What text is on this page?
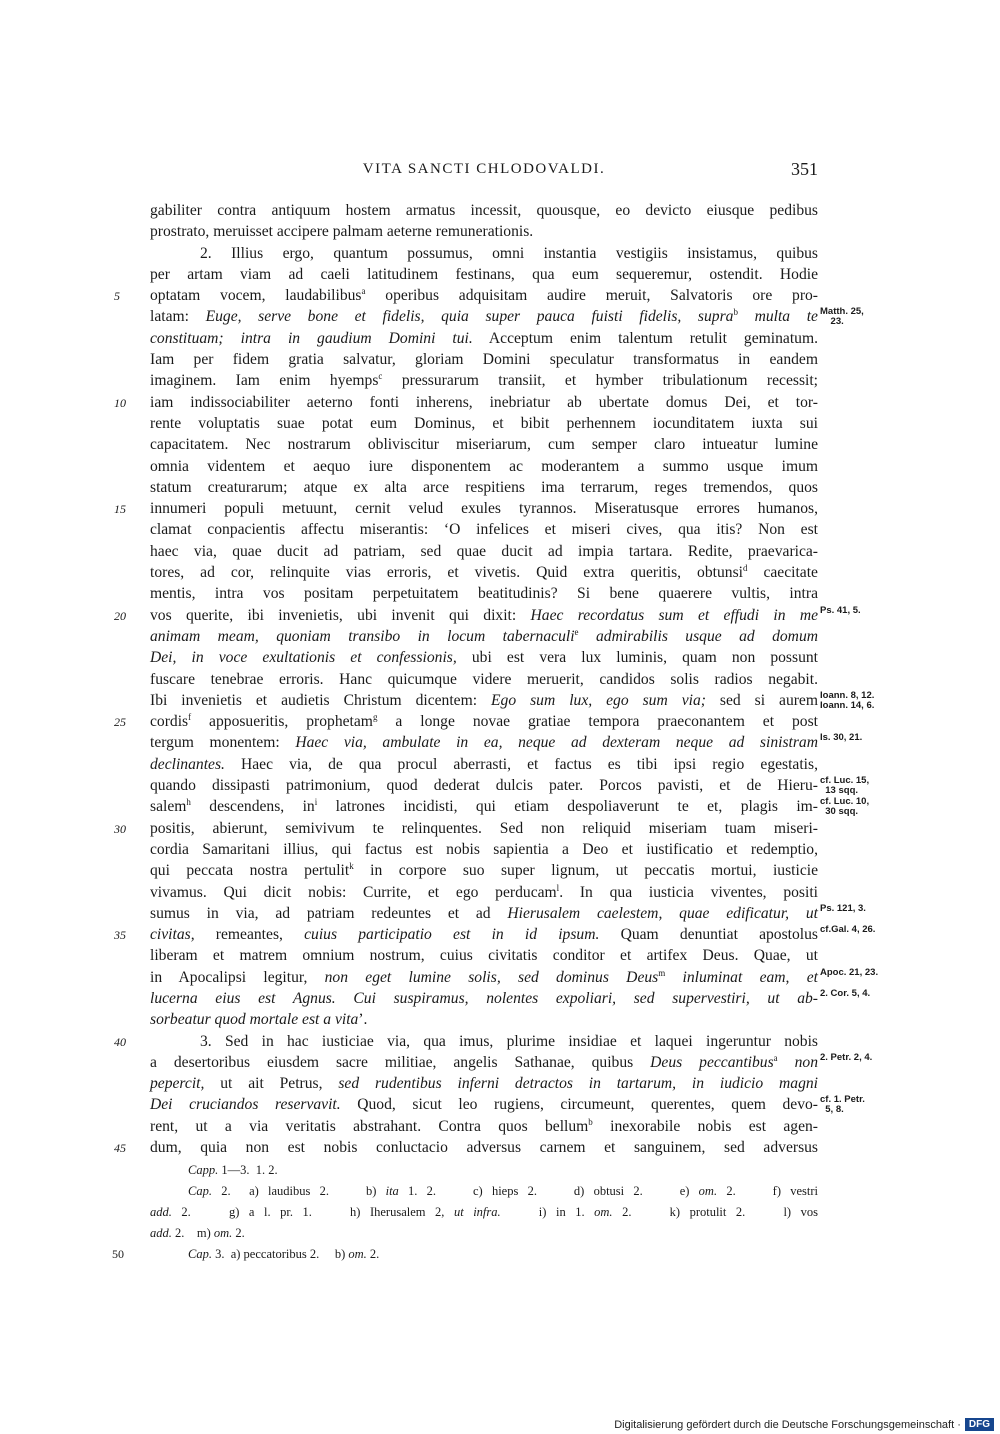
VITA SANCTI CHLODOVALDI.	351
gabiliter contra antiquum hostem armatus incessit, quousque, eo devicto eiusque pedibus
prostrato, meruisset accipere palmam aeterne remunerationis.
2. Illius ergo, quantum possumus, omni instantia vestigiis insistamus, quibus
per artam viam ad caeli latitudinem festinans, qua eum sequeremur, ostendit. Hodie
5 optatam vocem, laudabilibus$^a$ operibus adquisitam audire meruit, Salvatoris ore pro-
latam: Euge, serve bone et fidelis, quia super pauca fuisti fidelis, supra$^b$ multa te Matth. 25,
23.
constituam; intra in gaudium Domini tui. Acceptum enim talentum retulit geminatum.
Iam per fidem gratia salvatur, gloriam Domini speculatur transformatus in eandem
imaginem. Iam enim hyemps$^c$ pressurarum transiit, et hymber tribulationum recessit;
10 iam indissociabiliter aeterno fonti inherens, inebriatur ab ubertate domus Dei, et tor-
rente voluptatis suae potat eum Dominus, et bibit perhennem iocunditatem iuxta sui
capacitatem. Nec nostrarum obliviscitur miseriarum, cum semper claro intueatur lumine
omnia videntem et aequo iure disponentem ac moderantem a summo usque imum
statum creaturarum; atque ex alta arce respitiens ima terrarum, reges tremendos, quos
15 innumeri populi metuunt, cernit velud exules tyrannos. Miseratusque errores humanos,
clamat conpacientis affectu miserantis: ‘O infelices et miseri cives, qua itis? Non est
haec via, quae ducit ad patriam, sed quae ducit ad impia tartara. Redite, praevarica-
tores, ad cor, relinquite vias erroris, et vivetis. Quid extra queritis, obtunsi$^d$ caecitate
mentis, intra vos positam perpetuitatem beatitudinis? Si bene quaerere vultis, intra
20 vos querite, ibi invenietis, ubi invenit qui dixit: Haec recordatus sum et effudi in me Ps. 41, 5.
animam meam, quoniam transibo in locum tabernaculi$^e$ admirabilis usque ad domum
Dei, in voce exultationis et confessionis, ubi est vera lux luminis, quam non possunt
fuscare tenebrae erroris. Hanc quicumque videre meruerit, candidos solis radios negabit.
Ibi invenietis et audietis Christum dicentem: Ego sum lux, ego sum via; sed si aurem Ioann. 8, 12.
Ioann. 14, 6.
25 cordis$^f$ apposueritis, prophetam$^g$ a longe novae gratiae tempora praeconantem et post
tergum monentem: Haec via, ambulate in ea, neque ad dexteram neque ad sinistram Is. 30, 21.
declinantes. Haec via, de qua procul aberrasti, et factus es tibi ipsi regio egestatis,
quando dissipasti patrimonium, quod dederat dulcis pater. Porcos pavisti, et de Hieru- cf. Luc. 15,
13 sqq.
salem$^h$ descendens, $in^i$ latrones incidisti, qui etiam despoliaverunt te et, plagis im- cf. Luc. 10,
30 sqq.
30 positis, abierunt, semivivum te relinquentes. Sed non reliquid miseriam tuam miseri-
cordia Samaritani illius, qui factus est nobis sapientia a Deo et iustificatio et redemptio,
qui peccata nostra pertulit$^k$ in corpore suo super lignum, ut peccatis mortui, iusticie
vivamus. Qui dicit nobis: Currite, et ego perducam$^l$. In qua iusticia viventes, positi
sumus in via, ad patriam redeuntes et ad Hierusalem caelestem, quae edificatur, ut Ps. 121, 3.
35 civitas, remeantes, cuius participatio est in id ipsum. Quam denuntiat apostolus cf.Gal. 4, 26.
liberam et matrem omnium nostrum, cuius civitatis conditor et artifex Deus. Quae, ut
in Apocalipsi legitur, non eget lumine solis, sed dominus Deus$^m$ inluminat eam, et Apoc. 21, 23.
lucerna eius est Agnus. Cui suspiramus, nolentes expoliari, sed supervestiri, ut ab- 2. Cor. 5, 4.
sorbeatur quod mortale est a vita’.
40	3. Sed in hac iusticiae via, qua imus, plurime insidiae et laquei ingeruntur nobis
a desertoribus eiusdem sacre militiae, angelis Sathanae, quibus Deus peccantibus$^a$ non 2. Petr. 2, 4.
pepercit, ut ait Petrus, sed rudentibus inferni detractos in tartarum, in iudicio magni
Dei cruciandos reservavit. Quod, sicut leo rugiens, circumeunt, querentes, quem devo- cf. 1. Petr.
5, 8.
rent, ut a via veritatis abstrahant. Contra quos bellum$^b$ inexorabile nobis est agen-
45 dum, quia non est nobis conluctacio adversus carnem et sanguinem, sed adversus
Capp. 1—3.  1. 2.
Cap. 2.  a) laudibus 2.    b) ita 1. 2.    c) hieps 2.    d) obtusi 2.    e) om. 2.    f) vestri
add. 2.    g) a l. pr. 1.    h) Iherusalem 2, ut infra.    i) in 1. om. 2.    k) protulit 2.    l) vos
add. 2.    m) om. 2.
50	Cap. 3.  a) peccatoribus 2.     b) om. 2.
Digitalisierung gefördert durch die Deutsche Forschungsgemeinschaft · DFG
